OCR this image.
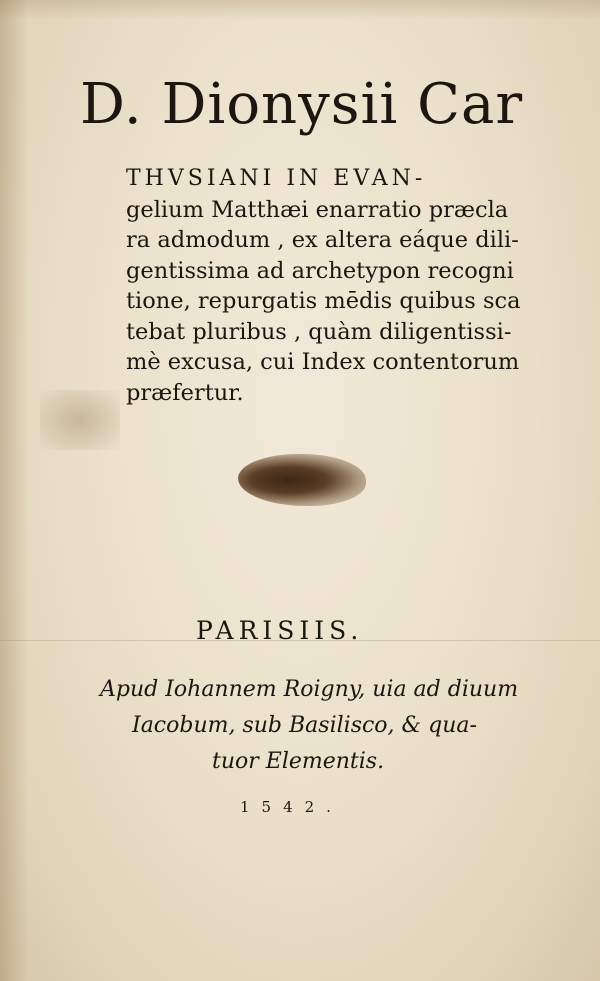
D. Dionysii Car
THVSIANI IN EVAN-
gelium Matthæi enarratio præcla
ra admodum , ex altera eáque dili-
gentissima ad archetypon recogni
tione, repurgatis mēdis quibus sca
tebat pluribus , quàm diligentissi-
mè excusa, cui Index contentorum
præfertur.
PARISIIS.
Apud Iohannem Roigny, uia ad diuum
Iacobum, sub Basilisco, & qua-
tuor Elementis.
1542.
